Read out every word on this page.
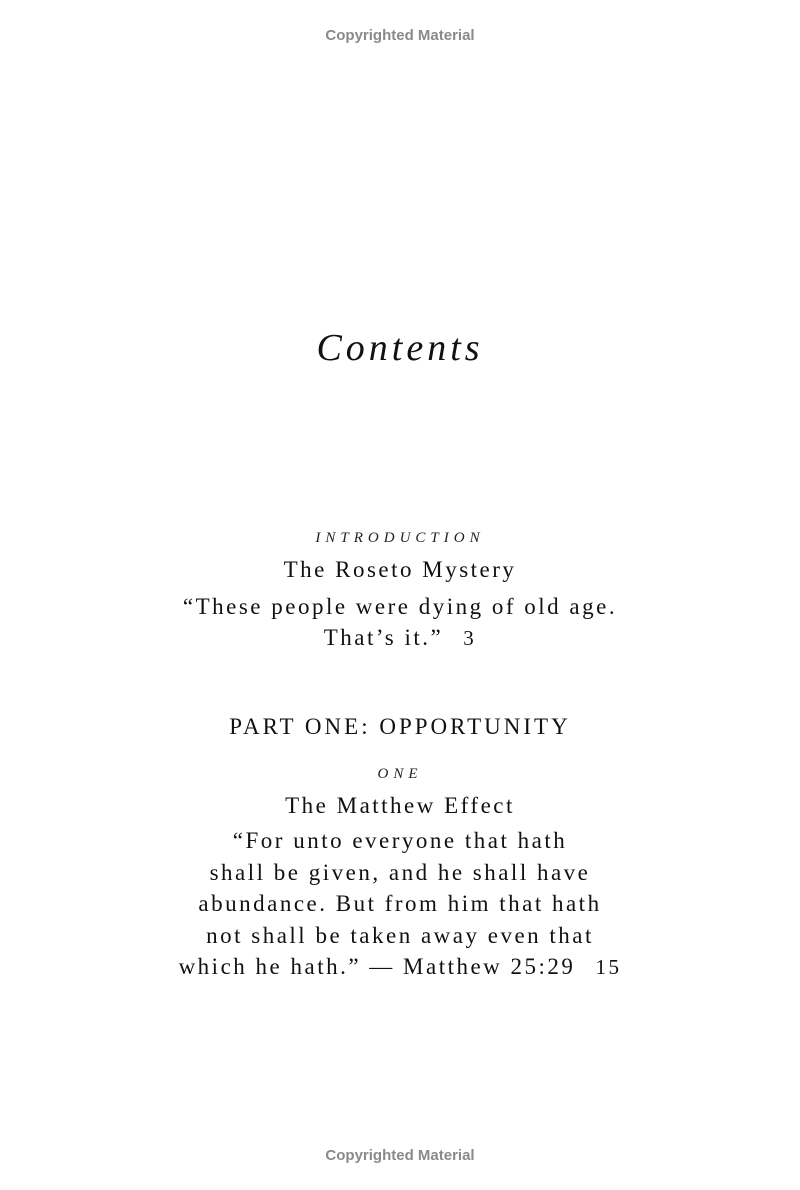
Copyrighted Material
Contents
INTRODUCTION
The Roseto Mystery
“These people were dying of old age.
That’s it.” 3
PART ONE: OPPORTUNITY
ONE
The Matthew Effect
“For unto everyone that hath
shall be given, and he shall have
abundance. But from him that hath
not shall be taken away even that
which he hath.” — Matthew 25:29 15
Copyrighted Material
